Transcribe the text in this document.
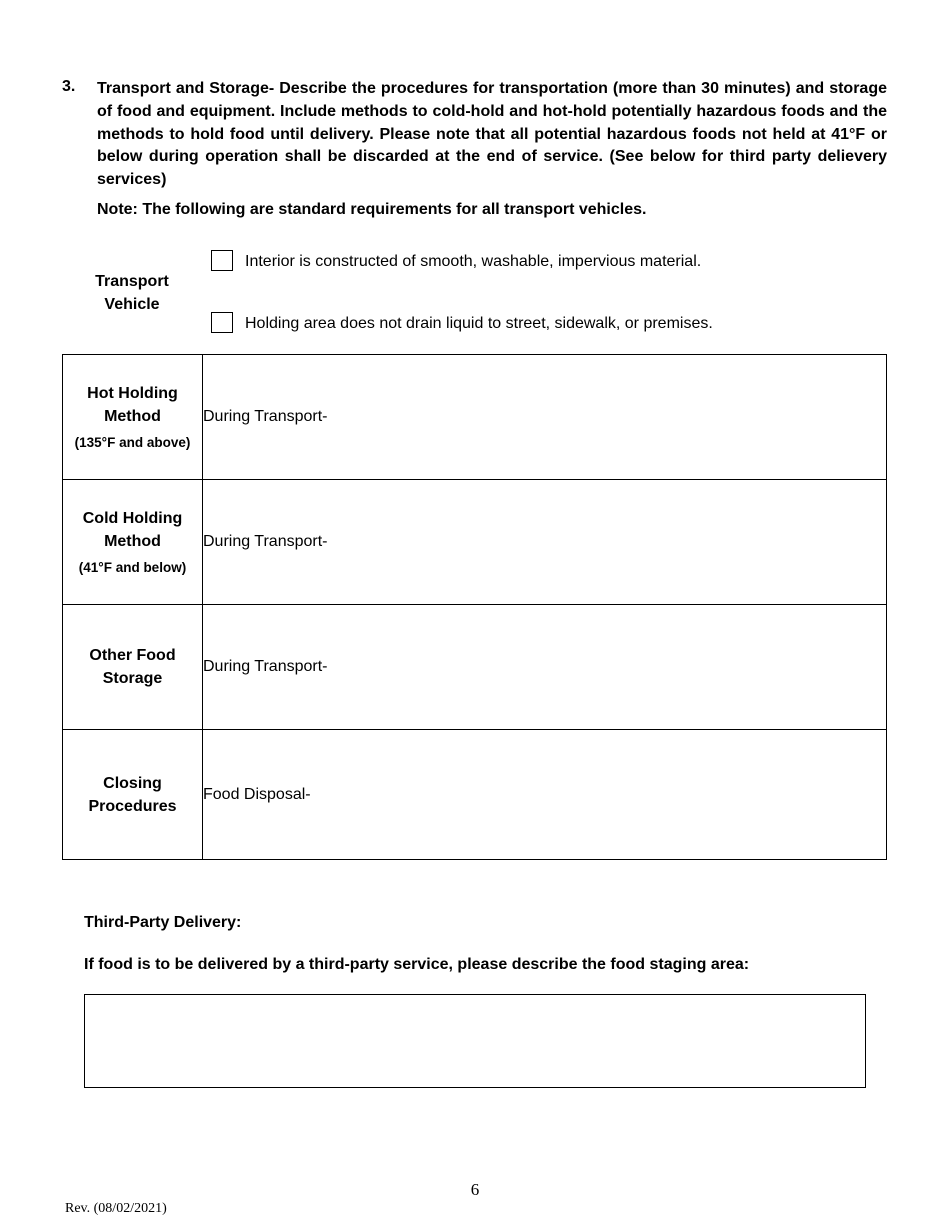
3. Transport and Storage- Describe the procedures for transportation (more than 30 minutes) and storage of food and equipment. Include methods to cold-hold and hot-hold potentially hazardous foods and the methods to hold food until delivery. Please note that all potential hazardous foods not held at 41°F or below during operation shall be discarded at the end of service. (See below for third party delievery services)
Note: The following are standard requirements for all transport vehicles.
Transport
Vehicle
Interior is constructed of smooth, washable, impervious material.
Holding area does not drain liquid to street, sidewalk, or premises.
Hot Holding
Method
(135°F and above)	During Transport-

Cold Holding
Method
(41°F and below)	During Transport-

Other Food
Storage	During Transport-

Closing
Procedures	Food Disposal-
Third-Party Delivery:
If food is to be delivered by a third-party service, please describe the food staging area:
6
Rev. (08/02/2021)
